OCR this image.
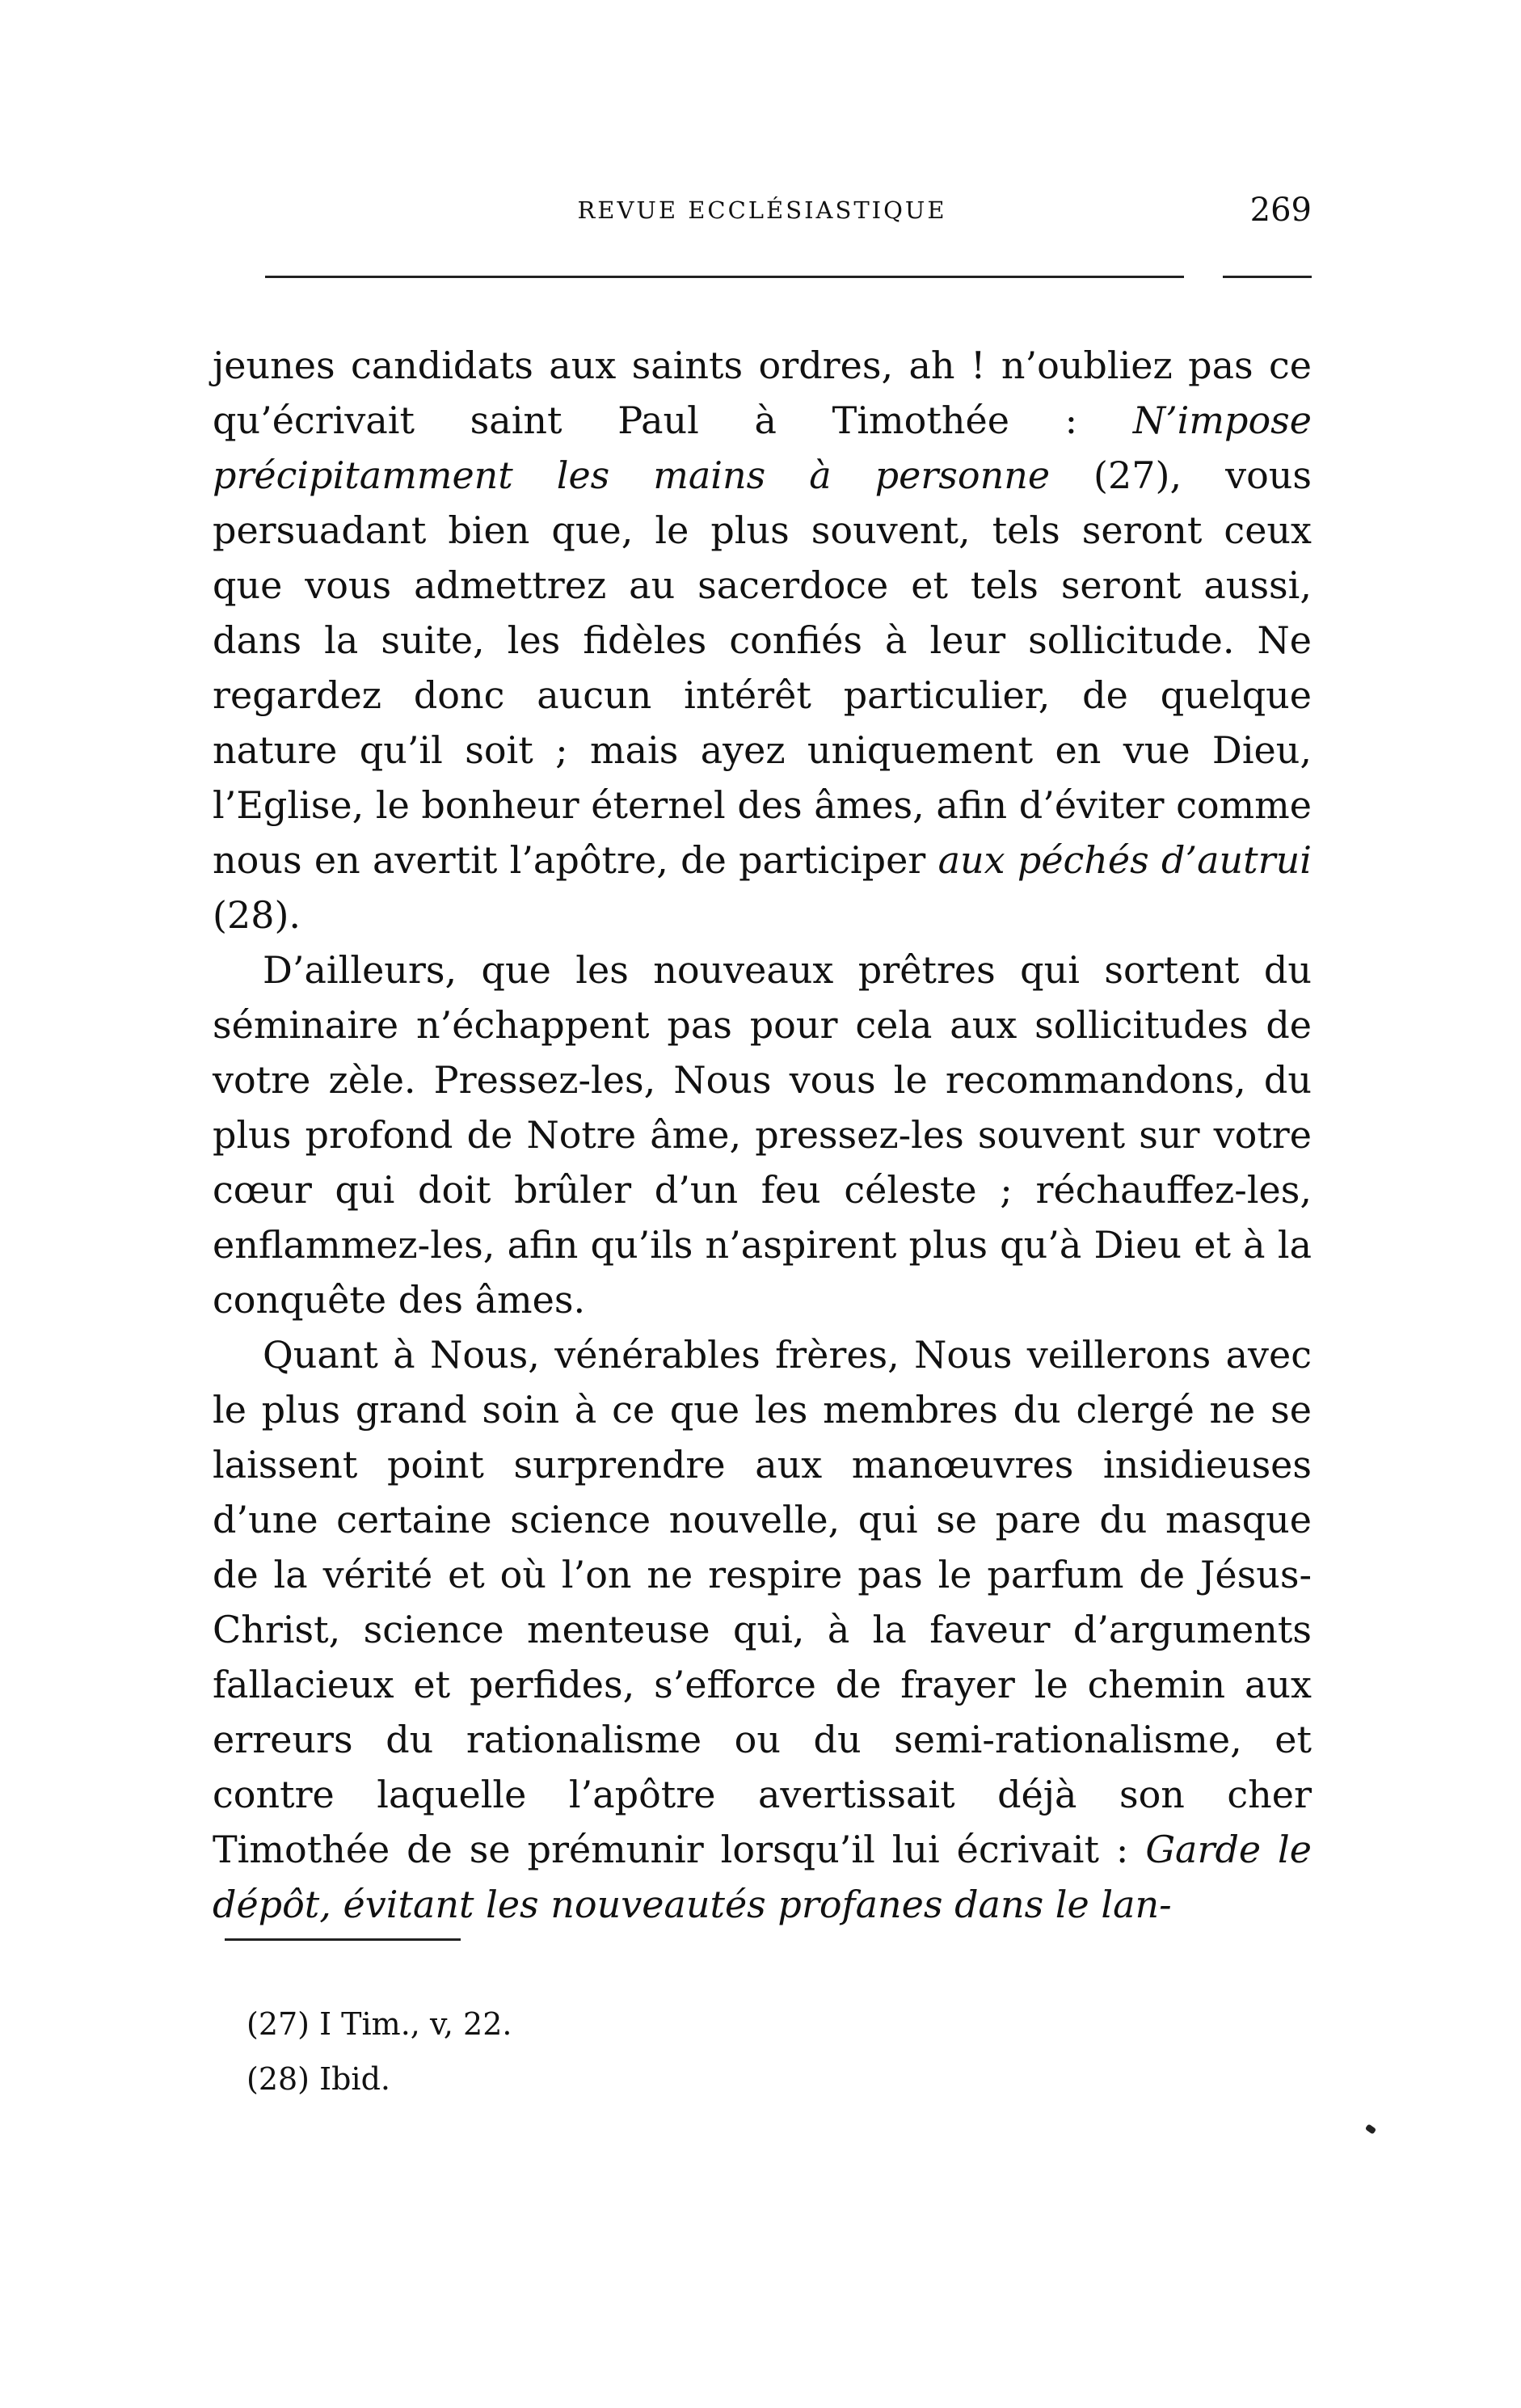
REVUE ECCLÉSIASTIQUE	269

jeunes candidats aux saints ordres, ah ! n’oubliez pas ce qu’écrivait saint Paul à Timothée : N’impose précipitamment les mains à personne (27), vous persuadant bien que, le plus souvent, tels seront ceux que vous admettrez au sacerdoce et tels seront aussi, dans la suite, les fidèles confiés à leur sollicitude. Ne regardez donc aucun intérêt particulier, de quelque nature qu’il soit ; mais ayez uniquement en vue Dieu, l’Eglise, le bonheur éternel des âmes, afin d’éviter comme nous en avertit l’apôtre, de participer aux péchés d’autrui (28).

D’ailleurs, que les nouveaux prêtres qui sortent du séminaire n’échappent pas pour cela aux sollicitudes de votre zèle. Pressez-les, Nous vous le recommandons, du plus profond de Notre âme, pressez-les souvent sur votre cœur qui doit brûler d’un feu céleste ; réchauffez-les, enflammez-les, afin qu’ils n’aspirent plus qu’à Dieu et à la conquête des âmes.

Quant à Nous, vénérables frères, Nous veillerons avec le plus grand soin à ce que les membres du clergé ne se laissent point surprendre aux manœuvres insidieuses d’une certaine science nouvelle, qui se pare du masque de la vérité et où l’on ne respire pas le parfum de Jésus-Christ, science menteuse qui, à la faveur d’arguments fallacieux et perfides, s’efforce de frayer le chemin aux erreurs du rationalisme ou du semi-rationalisme, et contre laquelle l’apôtre avertissait déjà son cher Timothée de se prémunir lorsqu’il lui écrivait : Garde le dépôt, évitant les nouveautés profanes dans le lan-

(27) I Tim., v, 22.
(28) Ibid.
